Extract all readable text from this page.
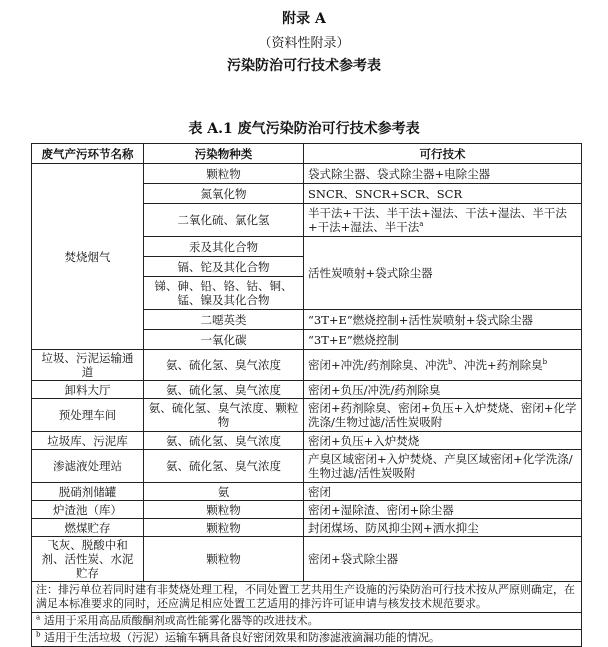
附录 A
（资料性附录）
污染防治可行技术参考表
表 A.1 废气污染防治可行技术参考表
废气产污环节名称	污染物种类	可行技术
焚烧烟气	颗粒物	袋式除尘器、袋式除尘器+电除尘器
	氮氧化物	SNCR、SNCR+SCR、SCR
	二氧化硫、氯化氢	半干法+干法、半干法+湿法、干法+湿法、半干法+干法+湿法、半干法$^a$
	汞及其化合物	活性炭喷射+袋式除尘器
	镉、铊及其化合物	
	锑、砷、铅、铬、钴、铜、锰、镍及其化合物	
	二噁英类	“3T+E”燃烧控制+活性炭喷射+袋式除尘器
	一氧化碳	“3T+E”燃烧控制
垃圾、污泥运输通道	氨、硫化氢、臭气浓度	密闭+冲洗/药剂除臭、冲洗$^b$、冲洗+药剂除臭$^b$
卸料大厅	氨、硫化氢、臭气浓度	密闭+负压/冲洗/药剂除臭
预处理车间	氨、硫化氢、臭气浓度、颗粒物	密闭+药剂除臭、密闭+负压+入炉焚烧、密闭+化学洗涤/生物过滤/活性炭吸附
垃圾库、污泥库	氨、硫化氢、臭气浓度	密闭+负压+入炉焚烧
渗滤液处理站	氨、硫化氢、臭气浓度	产臭区域密闭+入炉焚烧、产臭区域密闭+化学洗涤/生物过滤/活性炭吸附
脱硝剂储罐	氨	密闭
炉渣池（库）	颗粒物	密闭+湿除渣、密闭+除尘器
燃煤贮存	颗粒物	封闭煤场、防风抑尘网+洒水抑尘
飞灰、脱酸中和剂、活性炭、水泥贮存	颗粒物	密闭+袋式除尘器
注：排污单位若同时建有非焚烧处理工程，不同处置工艺共用生产设施的污染防治可行技术按从严原则确定，在满足本标准要求的同时，还应满足相应处置工艺适用的排污许可证申请与核发技术规范要求。		
$^a$ 适用于采用高品质酸酮剂或高性能雾化器等的改进技术。		
$^b$ 适用于生活垃圾（污泥）运输车辆具备良好密闭效果和防渗滤液滴漏功能的情况。		
